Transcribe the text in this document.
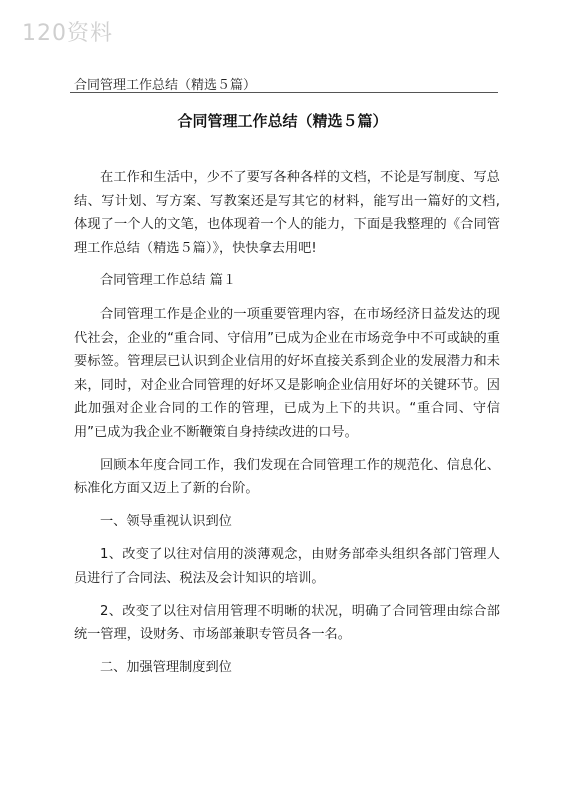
120资料
合同管理工作总结（精选５篇）
合同管理工作总结（精选５篇）

在工作和生活中，少不了要写各种各样的文档，不论是写制度、写总结、写计划、写方案、写教案还是写其它的材料，能写出一篇好的文档,体现了一个人的文笔，也体现着一个人的能力，下面是我整理的《合同管理工作总结（精选５篇）》，快快拿去用吧!

合同管理工作总结 篇１

合同管理工作是企业的一项重要管理内容，在市场经济日益发达的现代社会，企业的“重合同、守信用”已成为企业在市场竞争中不可或缺的重要标签。管理层已认识到企业信用的好坏直接关系到企业的发展潜力和未来，同时，对企业合同管理的好坏又是影响企业信用好坏的关键环节。因此加强对企业合同的工作的管理，已成为上下的共识。“重合同、守信用”已成为我企业不断鞭策自身持续改进的口号。

回顾本年度合同工作，我们发现在合同管理工作的规范化、信息化、标准化方面又迈上了新的台阶。

一、领导重视认识到位

1、改变了以往对信用的淡薄观念，由财务部牵头组织各部门管理人员进行了合同法、税法及会计知识的培训。

2、改变了以往对信用管理不明晰的状况，明确了合同管理由综合部统一管理，设财务、市场部兼职专管员各一名。

二、加强管理制度到位
